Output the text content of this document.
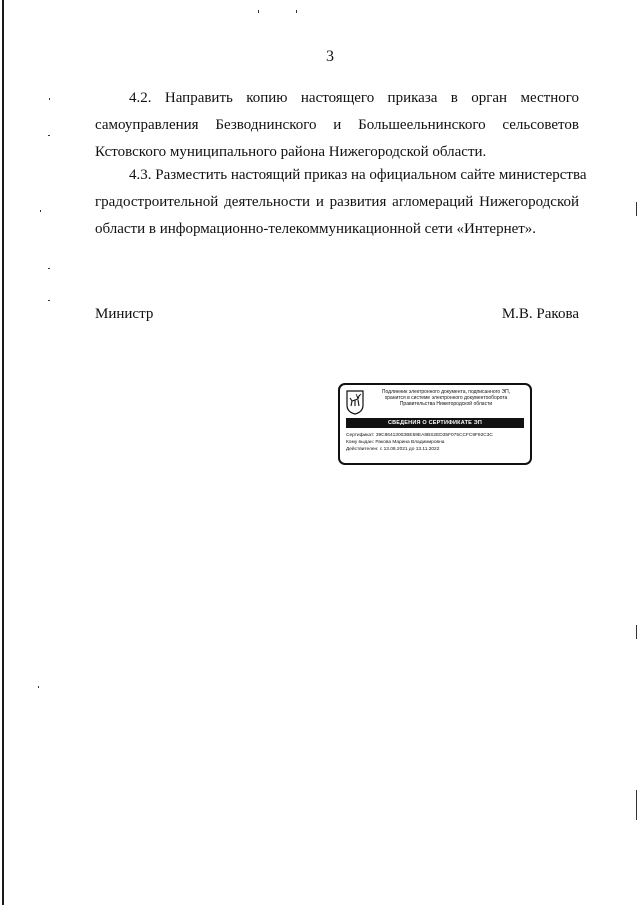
3
4.2. Направить копию настоящего приказа в орган местного
самоуправления Безводнинского и Большеельнинского сельсоветов
Кстовского муниципального района Нижегородской области.
4.3. Разместить настоящий приказ на официальном сайте министерства
градостроительной деятельности и развития агломераций Нижегородской
области в информационно-телекоммуникационной сети «Интернет».
Министр	М.В. Ракова
Подлинник электронного документа, подписанного ЭП,
хранится в системе электронного документооборота
Правительства Нижегородской области
СВЕДЕНИЯ О СЕРТИФИКАТЕ ЭП
Сертификат: 39С8641300ЗВЕ59ЕА8ВS2ED35F075CCFC9F92C3C
Кому выдан: Ракова Марина Владимировна
Действителен: с 13.08.2021 до 13.11.2022
